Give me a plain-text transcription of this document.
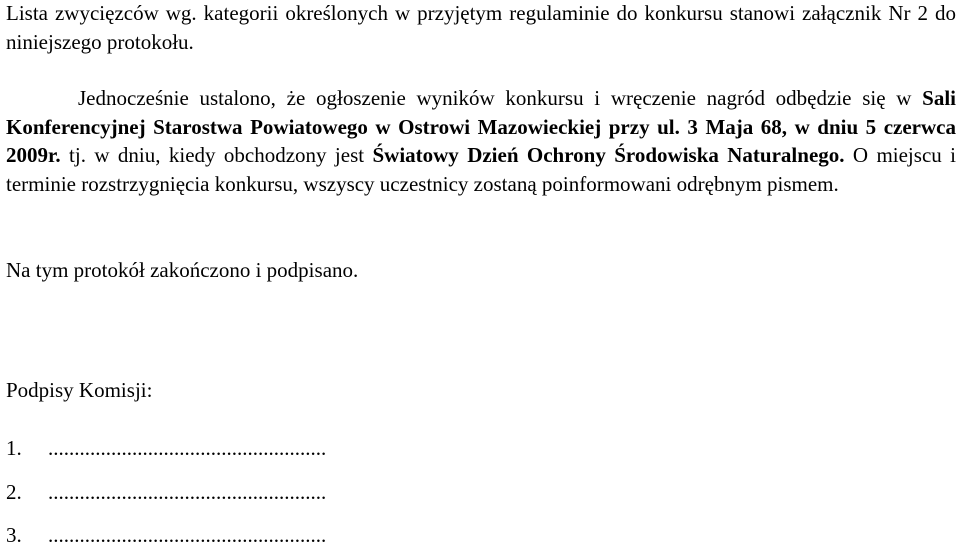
Lista zwycięzców wg. kategorii określonych w przyjętym regulaminie do konkursu stanowi załącznik Nr 2 do niniejszego protokołu.

Jednocześnie ustalono, że ogłoszenie wyników konkursu i wręczenie nagród odbędzie się w Sali Konferencyjnej Starostwa Powiatowego w Ostrowi Mazowieckiej przy ul. 3 Maja 68, w dniu 5 czerwca 2009r. tj. w dniu, kiedy obchodzony jest Światowy Dzień Ochrony Środowiska Naturalnego. O miejscu i terminie rozstrzygnięcia konkursu, wszyscy uczestnicy zostaną poinformowani odrębnym pismem.

Na tym protokół zakończono i podpisano.

Podpisy Komisji:
1. .....................................................
2. .....................................................
3. .....................................................
